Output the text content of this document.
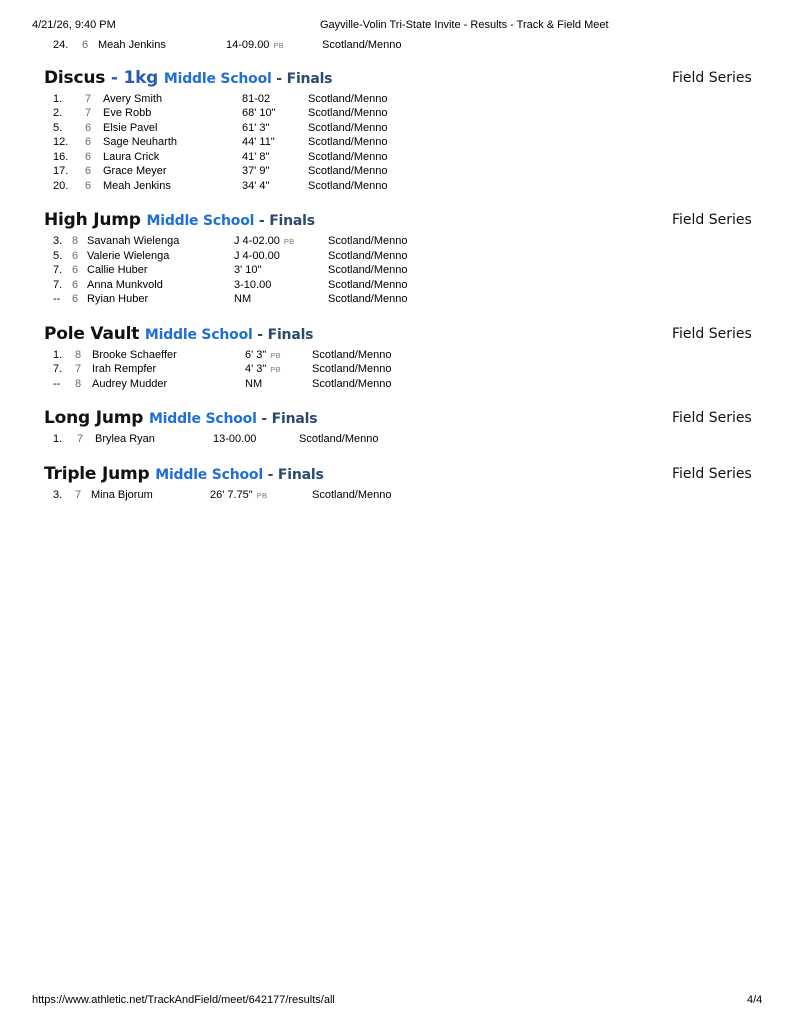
4/21/26, 9:40 PM	Gayville-Volin Tri-State Invite - Results - Track & Field Meet
24. 6 Meah Jenkins	14-09.00 PB	Scotland/Menno
Discus - 1kg Middle School - Finals	Field Series
1. 7 Avery Smith	81-02	Scotland/Menno
2. 7 Eve Robb	68' 10"	Scotland/Menno
5. 6 Elsie Pavel	61' 3"	Scotland/Menno
12. 6 Sage Neuharth	44' 11"	Scotland/Menno
16. 6 Laura Crick	41' 8"	Scotland/Menno
17. 6 Grace Meyer	37' 9"	Scotland/Menno
20. 6 Meah Jenkins	34' 4"	Scotland/Menno
High Jump Middle School - Finals	Field Series
3. 8 Savanah Wielenga	J 4-02.00 PB	Scotland/Menno
5. 6 Valerie Wielenga	J 4-00.00	Scotland/Menno
7. 6 Callie Huber	3' 10"	Scotland/Menno
7. 6 Anna Munkvold	3-10.00	Scotland/Menno
-- 6 Ryian Huber	NM	Scotland/Menno
Pole Vault Middle School - Finals	Field Series
1. 8 Brooke Schaeffer	6' 3" PB	Scotland/Menno
7. 7 Irah Rempfer	4' 3" PB	Scotland/Menno
-- 8 Audrey Mudder	NM	Scotland/Menno
Long Jump Middle School - Finals	Field Series
1. 7 Brylea Ryan	13-00.00	Scotland/Menno
Triple Jump Middle School - Finals	Field Series
3. 7 Mina Bjorum	26' 7.75" PB	Scotland/Menno
https://www.athletic.net/TrackAndField/meet/642177/results/all	4/4
